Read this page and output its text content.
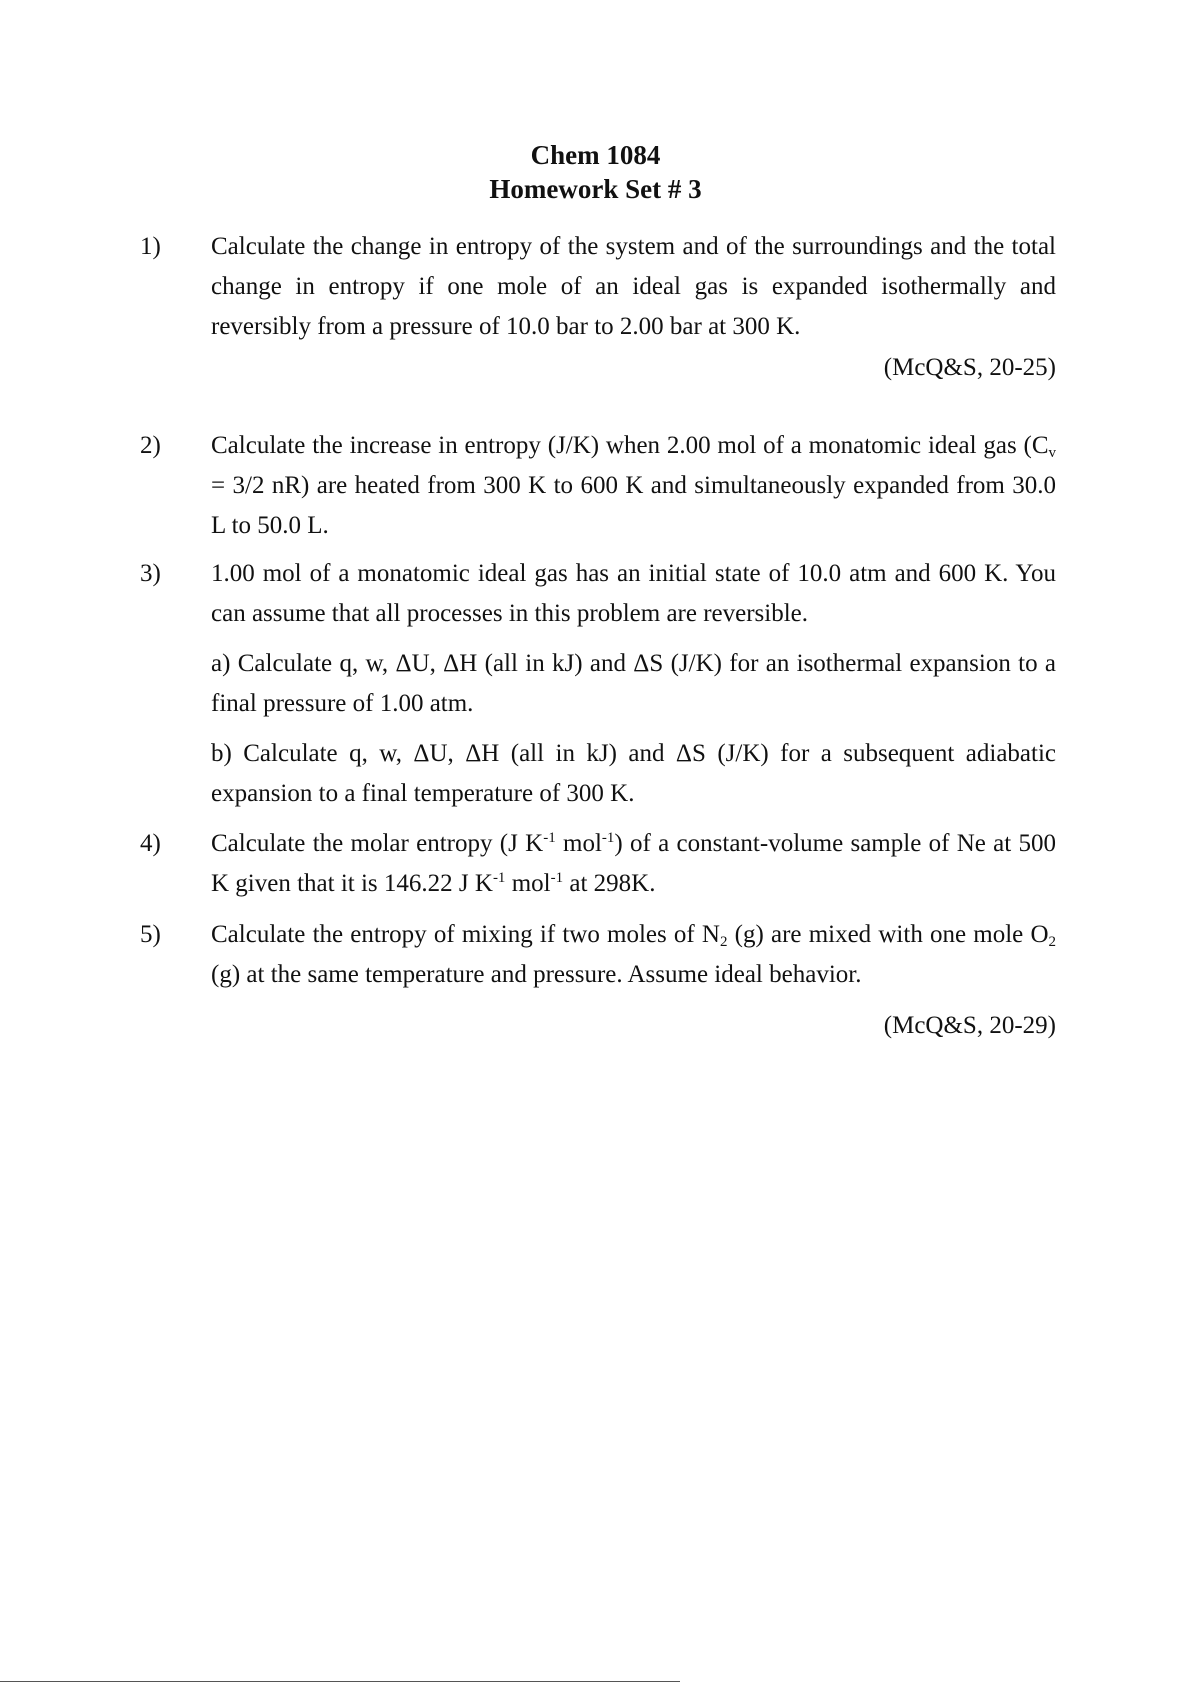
Chem 1084
Homework Set # 3
1) Calculate the change in entropy of the system and of the surroundings and the total change in entropy if one mole of an ideal gas is expanded isothermally and reversibly from a pressure of 10.0 bar to 2.00 bar at 300 K.

(McQ&S, 20-25)
2) Calculate the increase in entropy (J/K) when 2.00 mol of a monatomic ideal gas ($C_v = 3/2$ nR) are heated from 300 K to 600 K and simultaneously expanded from 30.0 L to 50.0 L.

3) 1.00 mol of a monatomic ideal gas has an initial state of 10.0 atm and 600 K. You can assume that all processes in this problem are reversible.

a) Calculate q, w, ΔU, ΔH (all in kJ) and ΔS (J/K) for an isothermal expansion to a final pressure of 1.00 atm.
b) Calculate q, w, ΔU, ΔH (all in kJ) and ΔS (J/K) for a subsequent adiabatic expansion to a final temperature of 300 K.
4) Calculate the molar entropy (J $K^{-1}$ mol$^{-1}$) of a constant-volume sample of Ne at 500 K given that it is 146.22 J $K^{-1}$ mol$^{-1}$ at 298K.

5) Calculate the entropy of mixing if two moles of $N_2$ (g) are mixed with one mole $O_2$ (g) at the same temperature and pressure. Assume ideal behavior.

(McQ&S, 20-29)
